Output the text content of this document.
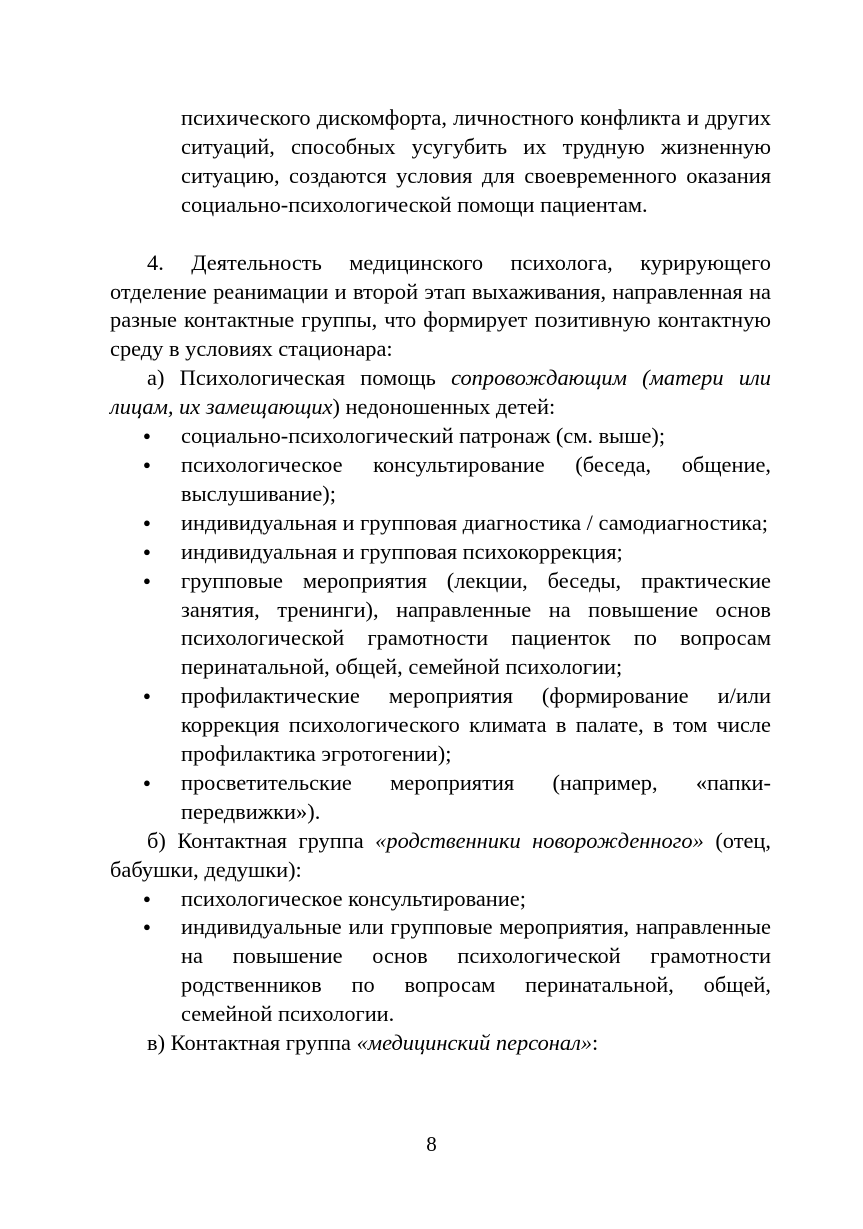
психического дискомфорта, личностного конфликта и других ситуаций, способных усугубить их трудную жизненную ситуацию, создаются условия для своевременного оказания социально-психологической помощи пациентам.

4. Деятельность медицинского психолога, курирующего отделение реанимации и второй этап выхаживания, направленная на разные контактные группы, что формирует позитивную контактную среду в условиях стационара:

а) Психологическая помощь сопровождающим (матери или лицам, их замещающих) недоношенных детей:

● социально-психологический патронаж (см. выше);
● психологическое консультирование (беседа, общение, выслушивание);
● индивидуальная и групповая диагностика / самодиагностика;
● индивидуальная и групповая психокоррекция;
● групповые мероприятия (лекции, беседы, практические занятия, тренинги), направленные на повышение основ психологической грамотности пациенток по вопросам перинатальной, общей, семейной психологии;
● профилактические мероприятия (формирование и/или коррекция психологического климата в палате, в том числе профилактика эгротогении);
● просветительские мероприятия (например, «папки-передвижки»).

б) Контактная группа «родственники новорожденного» (отец, бабушки, дедушки):

● психологическое консультирование;
● индивидуальные или групповые мероприятия, направленные на повышение основ психологической грамотности родственников по вопросам перинатальной, общей, семейной психологии.

в) Контактная группа «медицинский персонал»:

8
